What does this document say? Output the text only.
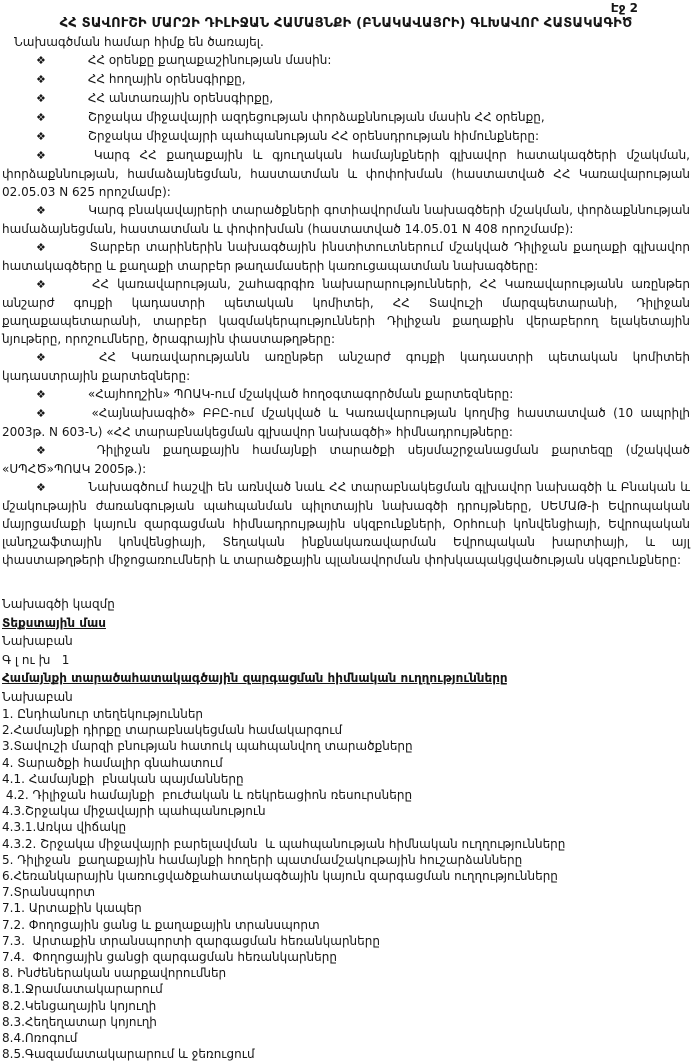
Էջ 2
ՀՀ ՏԱՎՈՒՇԻ ՄԱՐԶԻ ԴԻԼԻՋԱՆ ՀԱՄԱՅՆՔԻ (ԲՆԱԿԱՎԱՅՐԻ) ԳԼԽԱՎՈՐ ՀԱՏԱԿԱԳԻԾ

Նախագծման համար հիմք են ծառայել.

❖	ՀՀ օրենքը քաղաքաշինության մասին:

❖	ՀՀ հողային օրենսգիրքը,

❖	ՀՀ անտառային օրենսգիրքը,

❖	Շրջակա միջավայրի ազդեցության փորձաքննության մասին ՀՀ օրենքը,

❖	Շրջակա միջավայրի պահպանության ՀՀ օրենսդրության հիմունքները:

❖	Կարգ ՀՀ քաղաքային և գյուղական համայնքների գլխավոր հատակագծերի մշակման, փորձաքննության, համաձայնեցման, հաստատման և փոփոխման (հաստատված ՀՀ Կառավարության 02.05.03 N 625 որոշմամբ):

❖	Կարգ բնակավայրերի տարածքների գոտիավորման նախագծերի մշակման, փորձաքննության համաձայնեցման, հաստատման և փոփոխման (հաստատված 14.05.01 N 408 որոշմամբ):

❖	Տարբեր տարիներին նախագծային ինստիտուտներում մշակված Դիլիջան քաղաքի գլխավոր հատակագծերը և քաղաքի տարբեր թաղամասերի կառուցապատման նախագծերը:

❖	ՀՀ կառավարության, շահագրգիռ նախարարությունների, ՀՀ Կառավարությանն առընթեր անշարժ գույքի կադաստրի պետական կոմիտեի, ՀՀ Տավուշի մարզպետարանի, Դիլիջան քաղաքապետարանի, տարբեր կազմակերպությունների Դիլիջան քաղաքին վերաբերող ելակետային նյութերը, որոշումները, ծրագրային փաստաթղթերը:

❖	ՀՀ Կառավարությանն առընթեր անշարժ գույքի կադաստրի պետական կոմիտեի կադաստրային քարտեզները:

❖	«Հայհողշին» ՊՈԱԿ-ում մշակված հողօգտագործման քարտեզները:

❖	«Հայնախագիծ» ԲԲԸ-ում մշակված և Կառավարության կողմից հաստատված (10 ապրիլի 2003թ. N 603-Ն) «ՀՀ տարաբնակեցման գլխավոր նախագծի» հիմնադրույթները:

❖	Դիլիջան քաղաքային համայնքի տարածքի սեյսմաշրջանացման քարտեզը (մշակված «ՍՊՀԾ»ՊՈԱԿ 2005թ.):

❖	Նախագծում հաշվի են առնված նաև ՀՀ տարաբնակեցման գլխավոր նախագծի և Բնական և մշակութային ժառանգության պահպանման պիլոտային նախագծի դրույթները, ՍԵՄԱԹ-ի Եվրոպական մայրցամաքի կայուն զարգացման հիմնադրույթային սկզբունքների, Օրհուսի կոնվենցիայի, Եվրոպական լանդշաֆտային կոնվենցիայի, Տեղական ինքնակառավարման Եվրոպական խարտիայի, և այլ փաստաթղթերի միջոցառումների և տարածքային պլանավորման փոխկապակցվածության սկզբունքները:

Նախագծի կազմը
Տեքստային մաս
Նախաբան
Գ լ ու խ   1
Համայնքի տարածահատակագծային զարգացման հիմնական ուղղությունները
Նախաբան
1. Ընդհանուր տեղեկություններ
2.Համայնքի դիրքը տարաբնակեցման համակարգում
3.Տավուշի մարզի բնության հատուկ պահպանվող տարածքները
4. Տարածքի համալիր գնահատում
4.1. Համայնքի  բնական պայմանները
4.2. Դիլիջան համայնքի  բուժական և ռեկրեացիոն ռեսուրսները
4.3.Շրջակա միջավայրի պահպանություն
4.3.1.Առկա վիճակը
4.3.2. Շրջակա միջավայրի բարելավման  և պահպանության հիմնական ուղղությունները
5. Դիլիջան  քաղաքային համայնքի հողերի պատմամշակութային հուշարձանները
6.Հեռանկարային կառուցվածքահատակագծային կայուն զարգացման ուղղությունները
7.Տրանսպորտ
7.1. Արտաքին կապեր
7.2. Փողոցային ցանց և քաղաքային տրանսպորտ
7.3.  Արտաքին տրանսպորտի զարգացման հեռանկարները
7.4.  Փողոցային ցանցի զարգացման հեռանկարները
8. Ինժեներական սարքավորումներ
8.1.Ջրամատակարարում
8.2.Կենցաղային կոյուղի
8.3.Հեղեղատար կոյուղի
8.4.Ոռոգում
8.5.Գազամատակարարում և ջեռուցում
